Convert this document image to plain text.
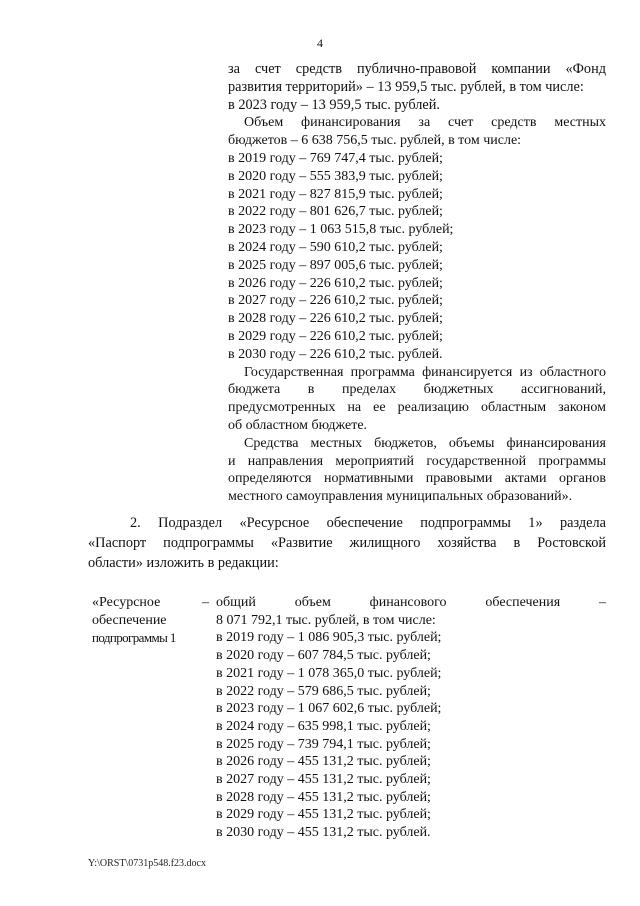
4

за счет средств публично-правовой компании «Фонд

развития территорий» – 13 959,5 тыс. рублей, в том числе:

в 2023 году – 13 959,5 тыс. рублей.

Объем финансирования за счет средств местных

бюджетов – 6 638 756,5 тыс. рублей, в том числе:

в 2019 году – 769 747,4 тыс. рублей;

в 2020 году – 555 383,9 тыс. рублей;

в 2021 году – 827 815,9 тыс. рублей;

в 2022 году – 801 626,7 тыс. рублей;

в 2023 году – 1 063 515,8 тыс. рублей;

в 2024 году – 590 610,2 тыс. рублей;

в 2025 году – 897 005,6 тыс. рублей;

в 2026 году – 226 610,2 тыс. рублей;

в 2027 году – 226 610,2 тыс. рублей;

в 2028 году – 226 610,2 тыс. рублей;

в 2029 году – 226 610,2 тыс. рублей;

в 2030 году – 226 610,2 тыс. рублей.

Государственная программа финансируется из областного

бюджета в пределах бюджетных ассигнований,

предусмотренных на ее реализацию областным законом

об областном бюджете.

Средства местных бюджетов, объемы финансирования

и направления мероприятий государственной программы

определяются нормативными правовыми актами органов

местного самоуправления муниципальных образований».

2. Подраздел «Ресурсное обеспечение подпрограммы 1» раздела

«Паспорт подпрограммы «Развитие жилищного хозяйства в Ростовской

области» изложить в редакции:

«Ресурсное
обеспечение
подпрограммы 1
– общий объем финансового обеспечения –

8 071 792,1 тыс. рублей, в том числе:

в 2019 году – 1 086 905,3 тыс. рублей;

в 2020 году – 607 784,5 тыс. рублей;

в 2021 году – 1 078 365,0 тыс. рублей;

в 2022 году – 579 686,5 тыс. рублей;

в 2023 году – 1 067 602,6 тыс. рублей;

в 2024 году – 635 998,1 тыс. рублей;

в 2025 году – 739 794,1 тыс. рублей;

в 2026 году – 455 131,2 тыс. рублей;

в 2027 году – 455 131,2 тыс. рублей;

в 2028 году – 455 131,2 тыс. рублей;

в 2029 году – 455 131,2 тыс. рублей;

в 2030 году – 455 131,2 тыс. рублей.

Y:\ORST\0731p548.f23.docx
